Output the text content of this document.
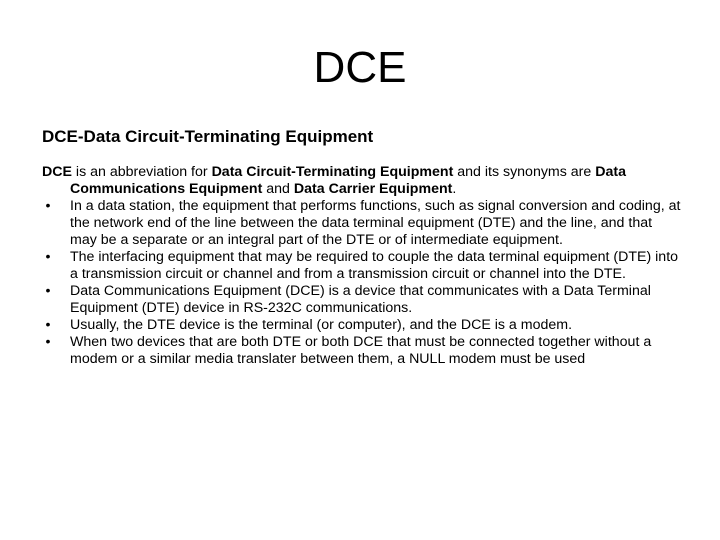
DCE
DCE-Data Circuit-Terminating Equipment

DCE is an abbreviation for Data Circuit-Terminating Equipment and its synonyms are Data Communications Equipment and Data Carrier Equipment.

• In a data station, the equipment that performs functions, such as signal conversion and coding, at the network end of the line between the data terminal equipment (DTE) and the line, and that may be a separate or an integral part of the DTE or of intermediate equipment.
• The interfacing equipment that may be required to couple the data terminal equipment (DTE) into a transmission circuit or channel and from a transmission circuit or channel into the DTE.
• Data Communications Equipment (DCE) is a device that communicates with a Data Terminal Equipment (DTE) device in RS-232C communications.
• Usually, the DTE device is the terminal (or computer), and the DCE is a modem.
• When two devices that are both DTE or both DCE that must be connected together without a modem or a similar media translater between them, a NULL modem must be used
